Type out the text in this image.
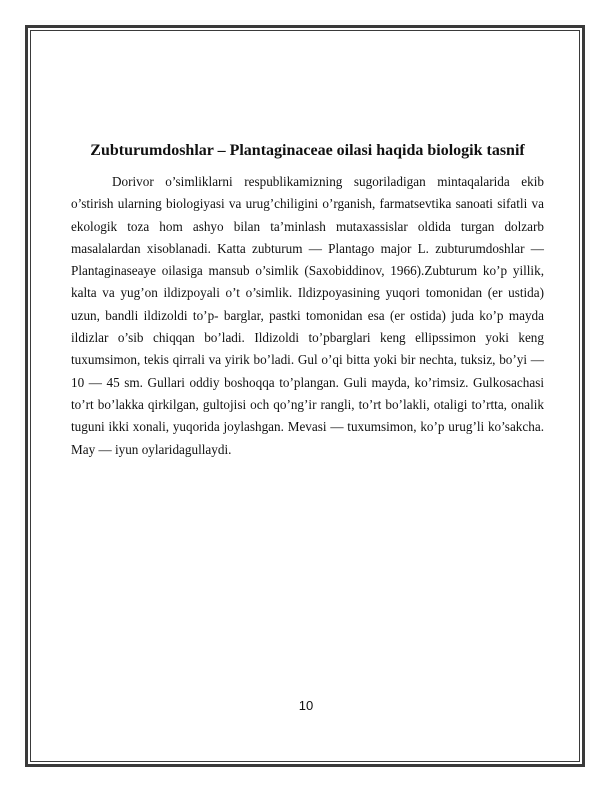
Zubturumdoshlar – Plantaginaceae oilasi haqida biologik tasnif

Dorivor o’simliklarni respublikamizning sugoriladigan mintaqalarida ekib o’stirish ularning biologiyasi va urug’chiligini o’rganish, farmatsevtika sanoati sifatli va ekologik toza hom ashyo bilan ta’minlash mutaxassislar oldida turgan dolzarb masalalardan xisoblanadi. Katta zubturum — Plantago major L. zubturumdoshlar — Plantaginaseaye oilasiga mansub o’simlik (Saxobiddinov, 1966).Zubturum ko’p yillik, kalta va yug’on ildizpoyali o’t o’simlik. Ildizpoyasining yuqori tomonidan (er ustida) uzun, bandli ildizoldi to’p- barglar, pastki tomonidan esa (er ostida) juda ko’p mayda ildizlar o’sib chiqqan bo’ladi. Ildizoldi to’pbarglari keng ellipssimon yoki keng tuxumsimon, tekis qirrali va yirik bo’ladi. Gul o’qi bitta yoki bir nechta, tuksiz, bo’yi — 10 — 45 sm. Gullari oddiy boshoqqa to’plangan. Guli mayda, ko’rimsiz. Gulkosachasi to’rt bo’lakka qirkilgan, gultojisi och qo’ng’ir rangli, to’rt bo’lakli, otaligi to’rtta, onalik tuguni ikki xonali, yuqorida joylashgan. Mevasi — tuxumsimon, ko’p urug’li ko’sakcha. May — iyun oylaridagullaydi.

10
